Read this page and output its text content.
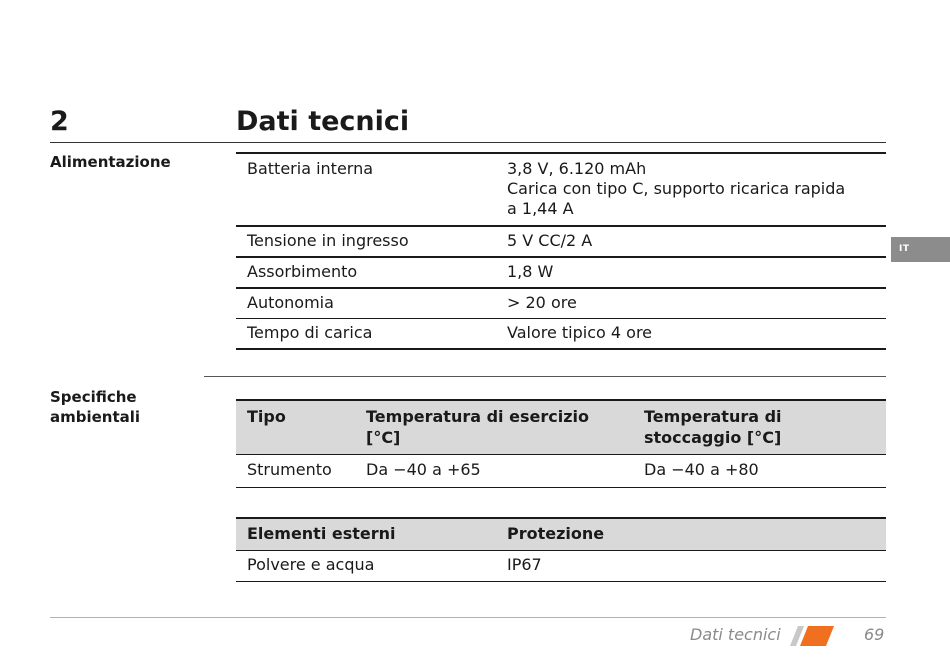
2	Dati tecnici
IT
Alimentazione	Batteria interna	3,8 V, 6.120 mAh
Carica con tipo C, supporto ricarica rapida
a 1,44 A

Tensione in ingresso	5 V CC/2 A
Assorbimento	1,8 W
Autonomia	> 20 ore
Tempo di carica	Valore tipico 4 ore
Specifiche
ambientali	Tipo	Temperatura di esercizio [°C]	Temperatura di stoccaggio [°C]
Strumento	Da −40 a +65	Da −40 a +80
Elementi esterni	Protezione
Polvere e acqua	IP67
Dati tecnici	69
